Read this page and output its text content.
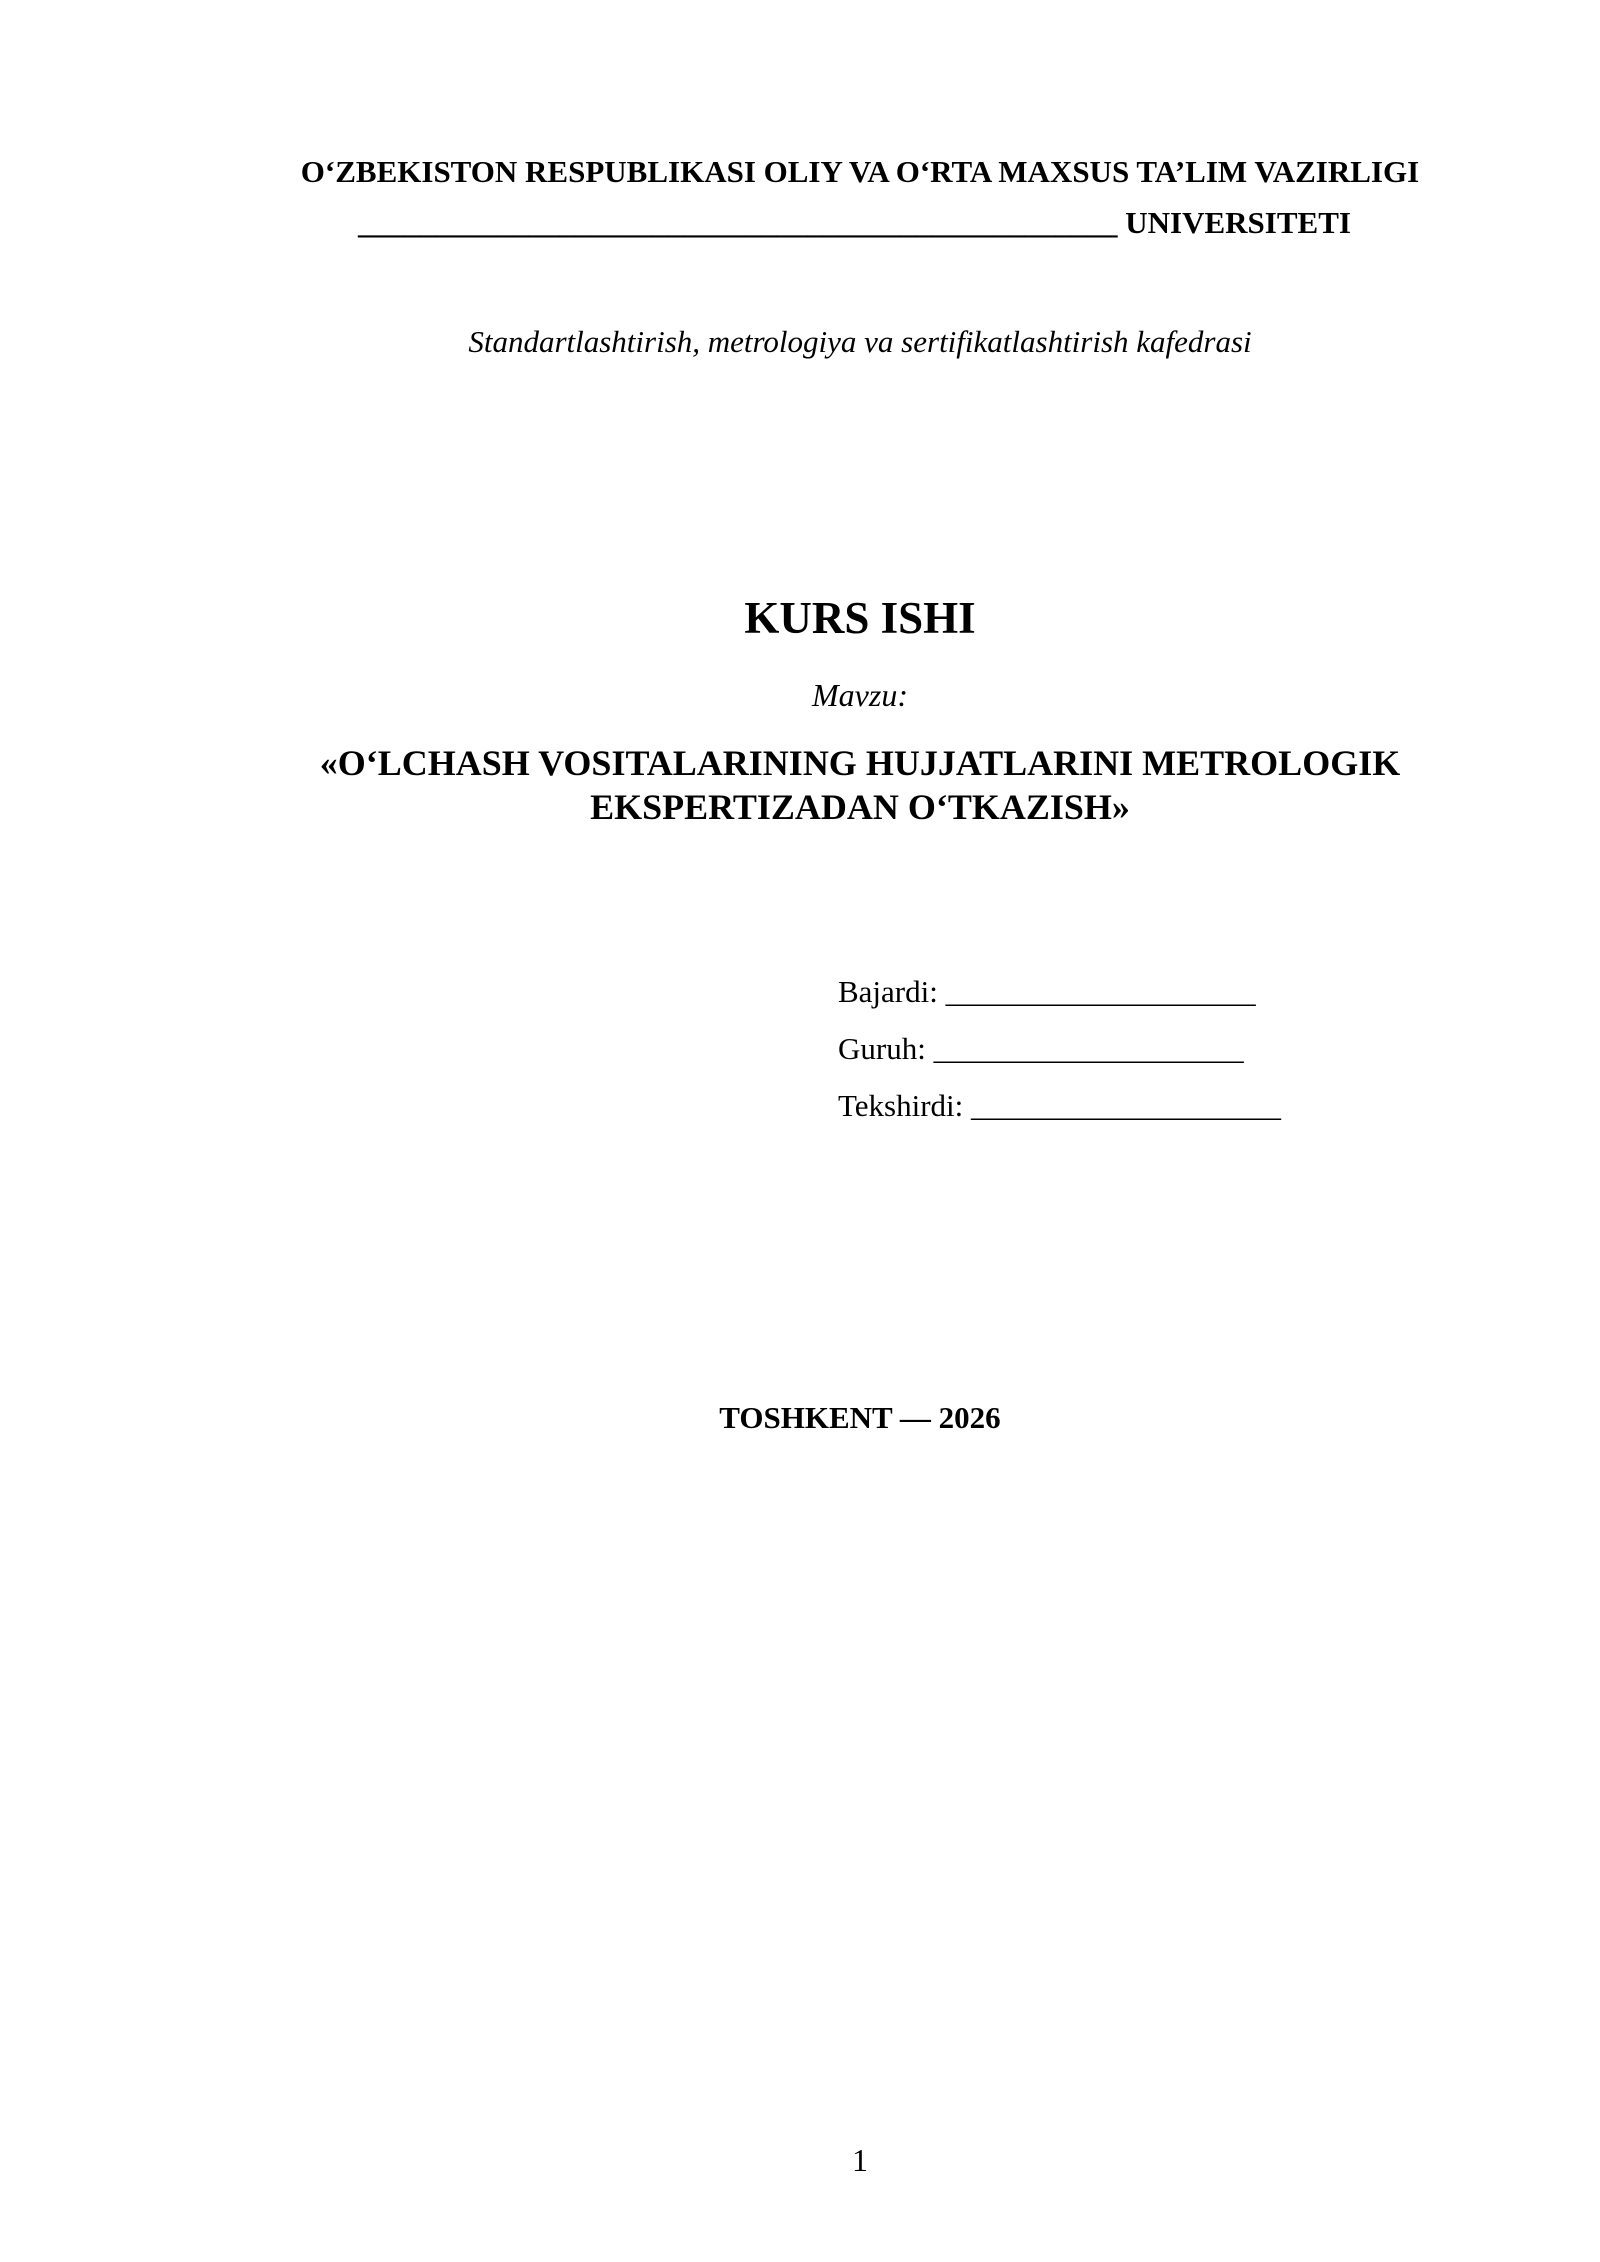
O‘ZBEKISTON RESPUBLIKASI OLIY VA O‘RTA MAXSUS TA’LIM VAZIRLIGI
_________________________________________________ UNIVERSITETI
Standartlashtirish, metrologiya va sertifikatlashtirish kafedrasi
KURS ISHI
Mavzu:
«O‘LCHASH VOSITALARINING HUJJATLARINI METROLOGIK
EKSPERTIZADAN O‘TKAZISH»
Bajardi: ____________________
Guruh: ____________________
Tekshirdi: ____________________
TOSHKENT — 2026
1
